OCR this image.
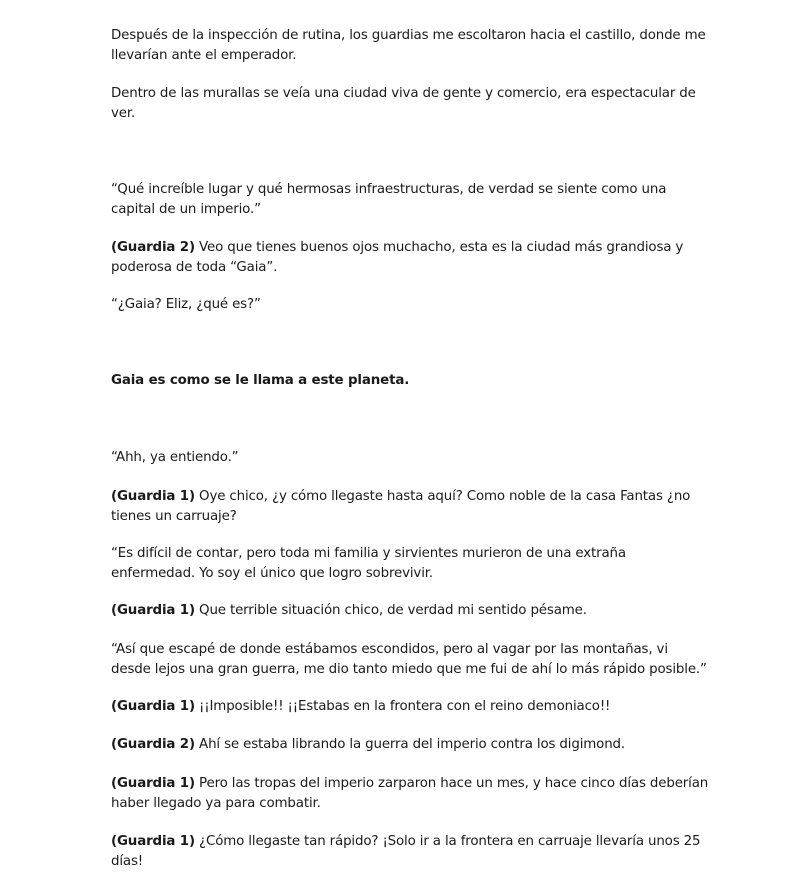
Después de la inspección de rutina, los guardias me escoltaron hacia el castillo, donde me llevarían ante el emperador.

Dentro de las murallas se veía una ciudad viva de gente y comercio, era espectacular de ver.

“Qué increíble lugar y qué hermosas infraestructuras, de verdad se siente como una capital de un imperio.”

(Guardia 2) Veo que tienes buenos ojos muchacho, esta es la ciudad más grandiosa y poderosa de toda “Gaia”.

“¿Gaia? Eliz, ¿qué es?”

Gaia es como se le llama a este planeta.

“Ahh, ya entiendo.”

(Guardia 1) Oye chico, ¿y cómo llegaste hasta aquí? Como noble de la casa Fantas ¿no tienes un carruaje?

“Es difícil de contar, pero toda mi familia y sirvientes murieron de una extraña enfermedad. Yo soy el único que logro sobrevivir.

(Guardia 1) Que terrible situación chico, de verdad mi sentido pésame.

“Así que escapé de donde estábamos escondidos, pero al vagar por las montañas, vi desde lejos una gran guerra, me dio tanto miedo que me fui de ahí lo más rápido posible.”

(Guardia 1) ¡¡Imposible!! ¡¡Estabas en la frontera con el reino demoniaco!!

(Guardia 2) Ahí se estaba librando la guerra del imperio contra los digimond.

(Guardia 1) Pero las tropas del imperio zarparon hace un mes, y hace cinco días deberían haber llegado ya para combatir.

(Guardia 1) ¿Cómo llegaste tan rápido? ¡Solo ir a la frontera en carruaje llevaría unos 25 días!
